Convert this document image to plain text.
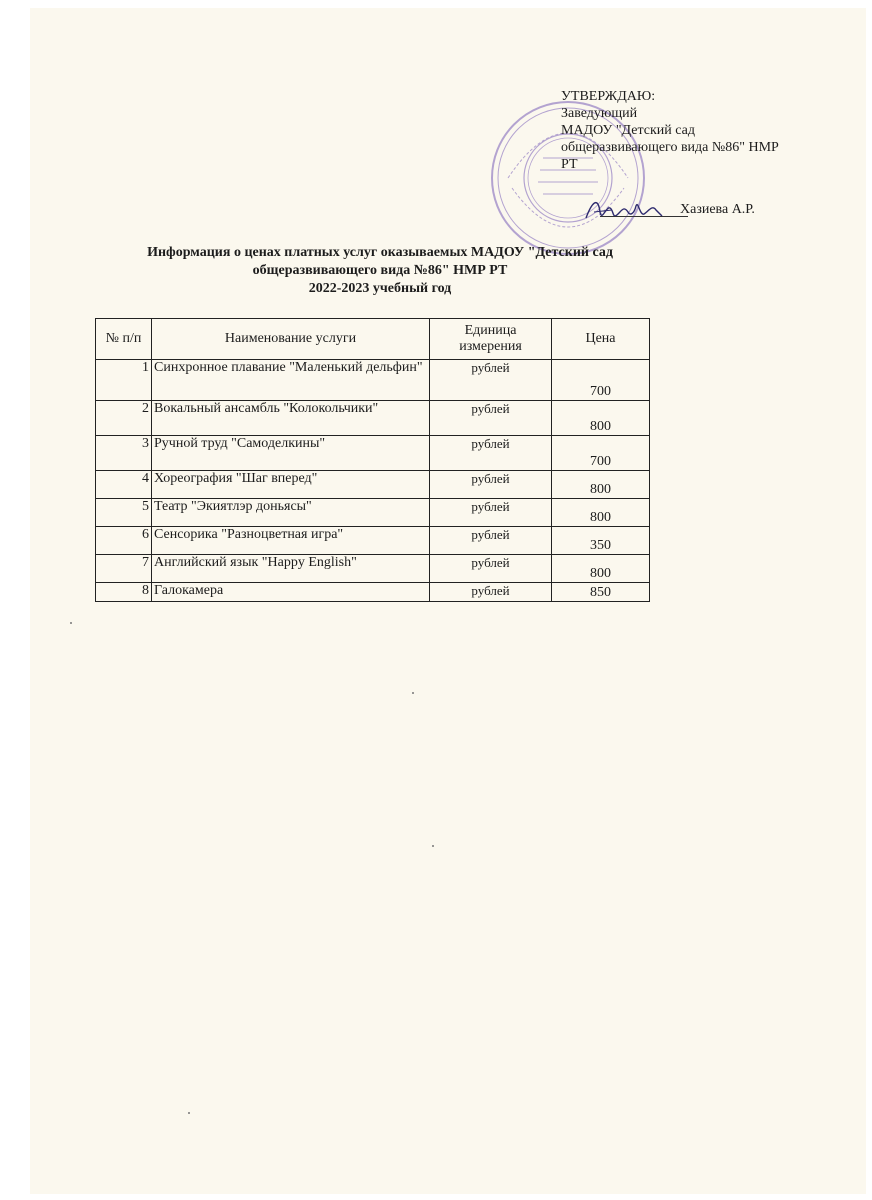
УТВЕРЖДАЮ:
Заведующий
МАДОУ "Детский сад
общеразвивающего вида №86" НМР
РТ
Хазиева А.Р.
Информация о ценах платных услуг оказываемых МАДОУ "Детский сад
общеразвивающего вида №86" НМР РТ
2022-2023 учебный год
№ п/п	Наименование услуги	Единица измерения	Цена
1	Синхронное плавание "Маленький дельфин"	рублей	700
2	Вокальный ансамбль "Колокольчики"	рублей	800
3	Ручной труд "Самоделкины"	рублей	700
4	Хореография "Шаг вперед"	рублей	800
5	Театр "Экиятлэр доньясы"	рублей	800
6	Сенсорика "Разноцветная игра"	рублей	350
7	Английский язык "Happy English"	рублей	800
8	Галокамера	рублей	850
